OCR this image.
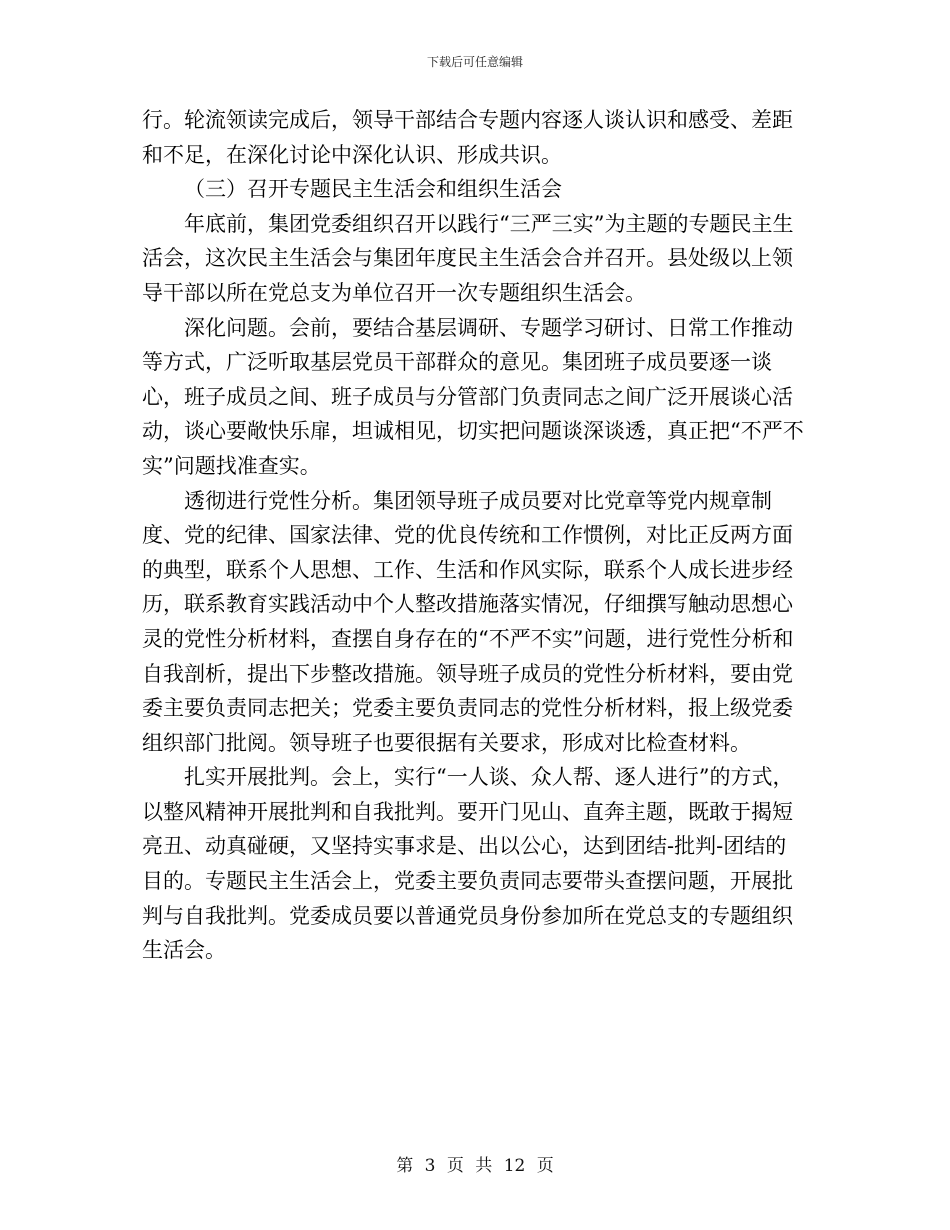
下载后可任意编辑

行。轮流领读完成后，领导干部结合专题内容逐人谈认识和感受、差距和不足，在深化讨论中深化认识、形成共识。

（三）召开专题民主生活会和组织生活会

年底前，集团党委组织召开以践行“三严三实”为主题的专题民主生活会，这次民主生活会与集团年度民主生活会合并召开。县处级以上领导干部以所在党总支为单位召开一次专题组织生活会。

深化问题。会前，要结合基层调研、专题学习研讨、日常工作推动等方式，广泛听取基层党员干部群众的意见。集团班子成员要逐一谈心，班子成员之间、班子成员与分管部门负责同志之间广泛开展谈心活动，谈心要敞快乐扉，坦诚相见，切实把问题谈深谈透，真正把“不严不实”问题找准查实。

透彻进行党性分析。集团领导班子成员要对比党章等党内规章制度、党的纪律、国家法律、党的优良传统和工作惯例，对比正反两方面的典型，联系个人思想、工作、生活和作风实际，联系个人成长进步经历，联系教育实践活动中个人整改措施落实情况，仔细撰写触动思想心灵的党性分析材料，查摆自身存在的“不严不实”问题，进行党性分析和自我剖析，提出下步整改措施。领导班子成员的党性分析材料，要由党委主要负责同志把关；党委主要负责同志的党性分析材料，报上级党委组织部门批阅。领导班子也要很据有关要求，形成对比检查材料。

扎实开展批判。会上，实行“一人谈、众人帮、逐人进行”的方式，以整风精神开展批判和自我批判。要开门见山、直奔主题，既敢于揭短亮丑、动真碰硬，又坚持实事求是、出以公心，达到团结-批判-团结的目的。专题民主生活会上，党委主要负责同志要带头查摆问题，开展批判与自我批判。党委成员要以普通党员身份参加所在党总支的专题组织生活会。

第 3 页 共 12 页
